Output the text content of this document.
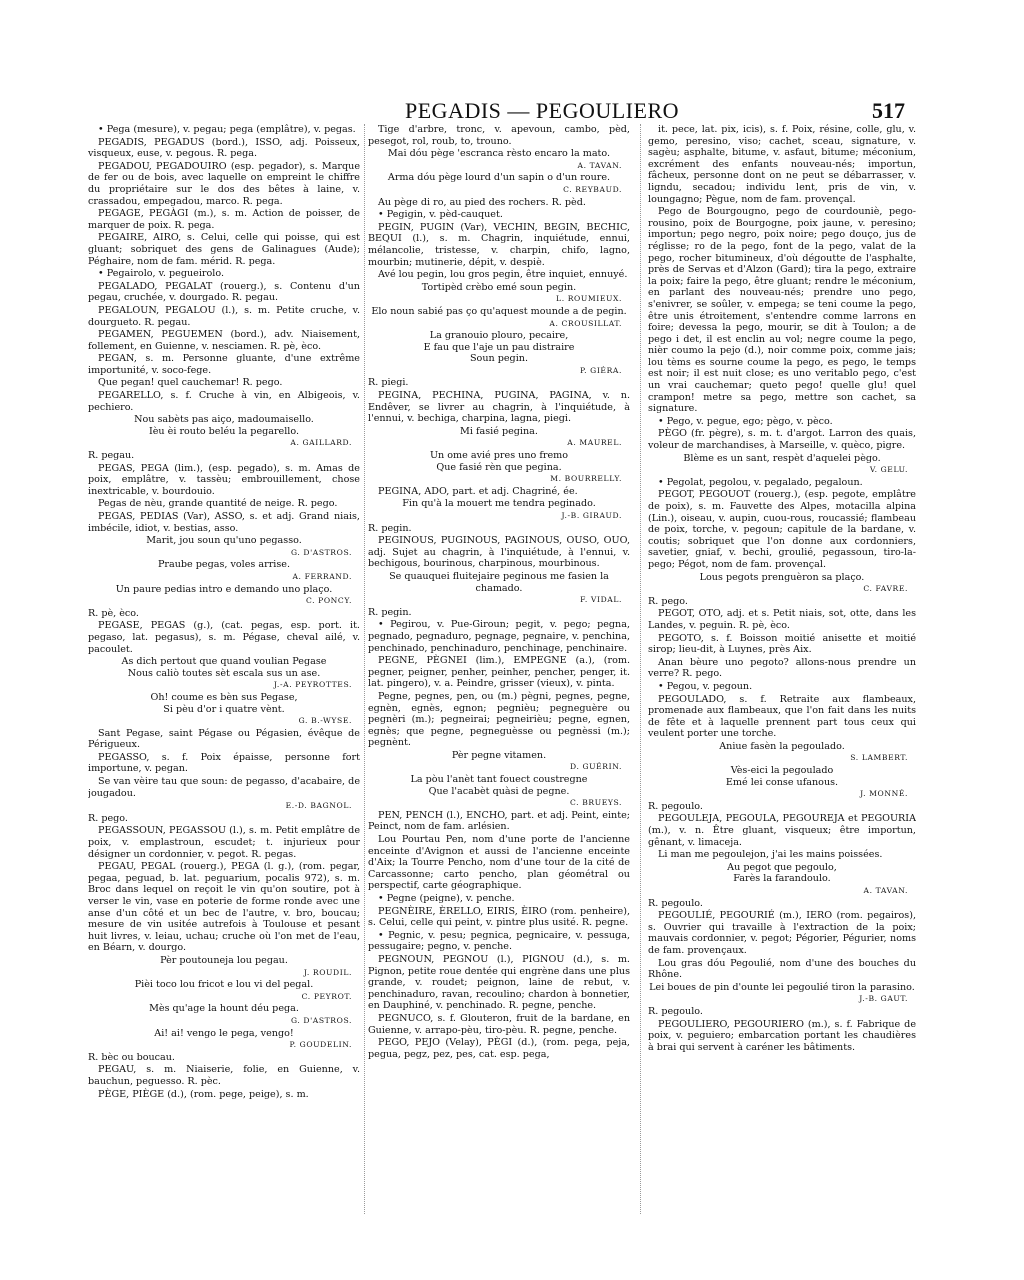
PEGADIS — PEGOULIERO	517

• Pega (mesure), v. pegau; pega (emplâtre), v. pegas.

PEGADIS, PEGADUS (bord.), ISSO, adj. Poisseux, visqueux, euse, v. pegous. R. pega.

PEGADOU, PEGADOUIRO (esp. pegador), s. Marque de fer ou de bois, avec laquelle on empreint le chiffre du propriétaire sur le dos des bêtes à laine, v. crassadou, empegadou, marco. R. pega.

PEGAGE, PEGÀGI (m.), s. m. Action de poisser, de marquer de poix. R. pega.

PEGAIRE, AIRO, s. Celui, celle qui poisse, qui est gluant; sobriquet des gens de Galinagues (Aude); Péghaire, nom de fam. mérid. R. pega.

• Pegairolo, v. pegueirolo.

PEGALADO, PEGALAT (rouerg.), s. Contenu d'un pegau, cruchée, v. dourgado. R. pegau.

PEGALOUN, PEGALOU (l.), s. m. Petite cruche, v. dourgueto. R. pegau.

PEGAMEN, PEGUEMEN (bord.), adv. Niaisement, follement, en Guienne, v. nesciamen. R. pè, èco.

PEGAN, s. m. Personne gluante, d'une extrême importunité, v. soco-fege.

Que pegan! quel cauchemar! R. pego.

PEGARELLO, s. f. Cruche à vin, en Albigeois, v. pechiero.

Nou sabèts pas aiço, madoumaisello.

Ièu èi routo beléu la pegarello.

A. GAILLARD.

R. pegau.

PEGAS, PEGA (lim.), (esp. pegado), s. m. Amas de poix, emplâtre, v. tassèu; embrouillement, chose inextricable, v. bourdouio.

Pegas de nèu, grande quantité de neige. R. pego.

PEGAS, PEDIAS (Var), ASSO, s. et adj. Grand niais, imbécile, idiot, v. bestias, asso.

Marit, jou soun qu'uno pegasso.

G. D'ASTROS.

Praube pegas, voles arrise.

A. FERRAND.

Un paure pedias intro e demando uno plaço.

C. PONCY.

R. pè, èco.

PEGASE, PEGAS (g.), (cat. pegas, esp. port. it. pegaso, lat. pegasus), s. m. Pégase, cheval ailé, v. pacoulet.

As dich pertout que quand voulian Pegase

Nous caliò toutes sèt escala sus un ase.

J.-A. PEYROTTES.

Oh! coume es bèn sus Pegase,

Si pèu d'or i quatre vènt.

G. B.-WYSE.

Sant Pegase, saint Pégase ou Pégasien, évêque de Périgueux.

PEGASSO, s. f. Poix épaisse, personne fort importune, v. pegan.

Se van vèire tau que soun: de pegasso, d'acabaire, de jougadou.

E.-D. BAGNOL.

R. pego.

PEGASSOUN, PEGASSOU (l.), s. m. Petit emplâtre de poix, v. emplastroun, escudet; t. injurieux pour désigner un cordonnier, v. pegot. R. pegas.

PEGAU, PEGAL (rouerg.), PEGA (l. g.), (rom. pegar, pegaa, peguad, b. lat. peguarium, pocalis 972), s. m. Broc dans lequel on reçoit le vin qu'on soutire, pot à verser le vin, vase en poterie de forme ronde avec une anse d'un côté et un bec de l'autre, v. bro, boucau; mesure de vin usitée autrefois à Toulouse et pesant huit livres, v. leiau, uchau; cruche où l'on met de l'eau, en Béarn, v. dourgo.

Pèr poutouneja lou pegau.

J. ROUDIL.

Pièi toco lou fricot e lou vi del pegal.

C. PEYROT.

Mès qu'age la hount déu pega.

G. D'ASTROS.

Ai! ai! vengo le pega, vengo!

P. GOUDELIN.

R. bèc ou boucau.

PEGAU, s. m. Niaiserie, folie, en Guienne, v. bauchun, peguesso. R. pèc.

PÈGE, PIÈGE (d.), (rom. pege, peige), s. m.

Tige d'arbre, tronc, v. apevoun, cambo, pèd, pesegot, rol, roub, to, trouno.

Mai dóu pège 'escranca rèsto encaro la mato.

A. TAVAN.

Arma dóu pège lourd d'un sapin o d'un roure.

C. REYBAUD.

Au pège di ro, au pied des rochers. R. pèd.

• Pegigin, v. pèd-cauquet.

PEGIN, PUGIN (Var), VECHIN, BEGIN, BECHIC, BEQUI (l.), s. m. Chagrin, inquiétude, ennui, mélancolie, tristesse, v. charpin, chifo, lagno, mourbin; mutinerie, dépit, v. despiè.

Avé lou pegin, lou gros pegin, être inquiet, ennuyé.

Tortipèd crèbo emé soun pegin.

L. ROUMIEUX.

Elo noun sabié pas ço qu'aquest mounde a de pegin.

A. CROUSILLAT.

La granouio plouro, pecaire,

E fau que l'aje un pau distraire

Soun pegin.

P. GIÉRA.

R. piegi.

PEGINA, PECHINA, PUGINA, PAGINA, v. n. Endêver, se livrer au chagrin, à l'inquiétude, à l'ennui, v. bechiga, charpina, lagna, piegi.

Mi fasié pegina.

A. MAUREL.

Un ome avié pres uno fremo

Que fasié rèn que pegina.

M. BOURRELLY.

PEGINA, ADO, part. et adj. Chagriné, ée.

Fin qu'à la mouert me tendra peginado.

J.-B. GIRAUD.

R. pegin.

PEGINOUS, PUGINOUS, PAGINOUS, OUSO, OUO, adj. Sujet au chagrin, à l'inquiétude, à l'ennui, v. bechigous, bourinous, charpinous, mourbinous.

Se quauquei fluitejaire peginous me fasien la chamado.

F. VIDAL.

R. pegin.

• Pegirou, v. Pue-Giroun; pegit, v. pego; pegna, pegnado, pegnaduro, pegnage, pegnaire, v. penchina, penchinado, penchinaduro, penchinage, penchinaire.

PEGNE, PÈGNEI (lim.), EMPEGNE (a.), (rom. pegner, peigner, penher, peinher, pencher, penger, it. lat. pingero), v. a. Peindre, grisser (vieux), v. pinta.

Pegne, pegnes, pen, ou (m.) pègni, pegnes, pegne, egnèn, egnès, egnon; pegnièu; pegneguère ou pegnèri (m.); pegneirai; pegneirièu; pegne, egnen, egnès; que pegne, pegneguèsse ou pegnèssi (m.); pegnènt.

Pèr pegne vitamen.

D. GUÉRIN.

La pòu l'anèt tant fouect coustregne

Que l'acabèt quàsi de pegne.

C. BRUEYS.

PEN, PENCH (l.), ENCHO, part. et adj. Peint, einte; Peinct, nom de fam. arlésien.

Lou Pourtau Pen, nom d'une porte de l'ancienne enceinte d'Avignon et aussi de l'ancienne enceinte d'Aix; la Tourre Pencho, nom d'une tour de la cité de Carcassonne; carto pencho, plan géométral ou perspectif, carte géographique.

• Pegne (peigne), v. penche.

PEGNÈIRE, ÈRELLO, EIRIS, ÈIRO (rom. penheire), s. Celui, celle qui peint, v. pintre plus usité. R. pegne.

• Pegnic, v. pesu; pegnica, pegnicaire, v. pessuga, pessugaire; pegno, v. penche.

PEGNOUN, PEGNOU (l.), PIGNOU (d.), s. m. Pignon, petite roue dentée qui engrène dans une plus grande, v. roudet; peignon, laine de rebut, v. penchinaduro, ravan, recoulino; chardon à bonnetier, en Dauphiné, v. penchinado. R. pegne, penche.

PEGNUCO, s. f. Glouteron, fruit de la bardane, en Guienne, v. arrapo-pèu, tiro-pèu. R. pegne, penche.

PEGO, PEJO (Velay), PÈGI (d.), (rom. pega, peja, pegua, pegz, pez, pes, cat. esp. pega,

it. pece, lat. pix, icis), s. f. Poix, résine, colle, glu, v. gemo, peresino, viso; cachet, sceau, signature, v. sagèu; asphalte, bitume, v. asfaut, bitume; méconium, excrément des enfants nouveau-nés; importun, fâcheux, personne dont on ne peut se débarrasser, v. ligndu, secadou; individu lent, pris de vin, v. loungagno; Pègue, nom de fam. provençal.

Pego de Bourgougno, pego de courdouniè, pego-rousino, poix de Bourgogne, poix jaune, v. peresino; importun; pego negro, poix noire; pego douço, jus de réglisse; ro de la pego, font de la pego, valat de la pego, rocher bitumineux, d'où dégoutte de l'asphalte, près de Servas et d'Alzon (Gard); tira la pego, extraire la poix; faire la pego, être gluant; rendre le méconium, en parlant des nouveau-nés; prendre uno pego, s'enivrer, se soûler, v. empega; se teni coume la pego, être unis étroitement, s'entendre comme larrons en foire; devessa la pego, mourir, se dit à Toulon; a de pego i det, il est enclin au vol; negre coume la pego, nièr coumo la pejo (d.), noir comme poix, comme jais; lou tèms es sourne coume la pego, es pego, le temps est noir; il est nuit close; es uno veritablo pego, c'est un vrai cauchemar; queto pego! quelle glu! quel crampon! metre sa pego, mettre son cachet, sa signature.

• Pego, v. pegue, ego; pègo, v. pèco.

PÈGO (fr. pègre), s. m. t. d'argot. Larron des quais, voleur de marchandises, à Marseille, v. quèco, pigre.

Blème es un sant, respèt d'aquelei pègo.

V. GELU.

• Pegolat, pegolou, v. pegalado, pegaloun.

PEGOT, PEGOUOT (rouerg.), (esp. pegote, emplâtre de poix), s. m. Fauvette des Alpes, motacilla alpina (Lin.), oiseau, v. aupin, cuou-rous, roucassié; flambeau de poix, torche, v. pegoun; capitule de la bardane, v. coutis; sobriquet que l'on donne aux cordonniers, savetier, gniaf, v. bechi, groulié, pegassoun, tiro-la-pego; Pégot, nom de fam. provençal.

Lous pegots prenguèron sa plaço.

C. FAVRE.

R. pego.

PEGOT, OTO, adj. et s. Petit niais, sot, otte, dans les Landes, v. peguin. R. pè, èco.

PEGOTO, s. f. Boisson moitié anisette et moitié sirop; lieu-dit, à Luynes, près Aix.

Anan bèure uno pegoto? allons-nous prendre un verre? R. pego.

• Pegou, v. pegoun.

PEGOULADO, s. f. Retraite aux flambeaux, promenade aux flambeaux, que l'on fait dans les nuits de fête et à laquelle prennent part tous ceux qui veulent porter une torche.

Aniue fasèn la pegoulado.

S. LAMBERT.

Vès-eici la pegoulado

Emé lei conse ufanous.

J. MONNÉ.

R. pegoulo.

PEGOULEJA, PEGOULA, PEGOUREJA et PEGOURIA (m.), v. n. Être gluant, visqueux; être importun, gênant, v. limaceja.

Li man me pegoulejon, j'ai les mains poissées.

Au pegot que pegoulo,

Farès la farandoulo.

A. TAVAN.

R. pegoulo.

PEGOULIÉ, PEGOURIÉ (m.), IERO (rom. pegairos), s. Ouvrier qui travaille à l'extraction de la poix; mauvais cordonnier, v. pegot; Pégorier, Pégurier, noms de fam. provençaux.

Lou gras dóu Pegoulié, nom d'une des bouches du Rhône.

Lei boues de pin d'ounte lei pegoulié tiron la parasino.

J.-B. GAUT.

R. pegoulo.

PEGOULIERO, PEGOURIERO (m.), s. f. Fabrique de poix, v. peguiero; embarcation portant les chaudières à brai qui servent à caréner les bâtiments.
